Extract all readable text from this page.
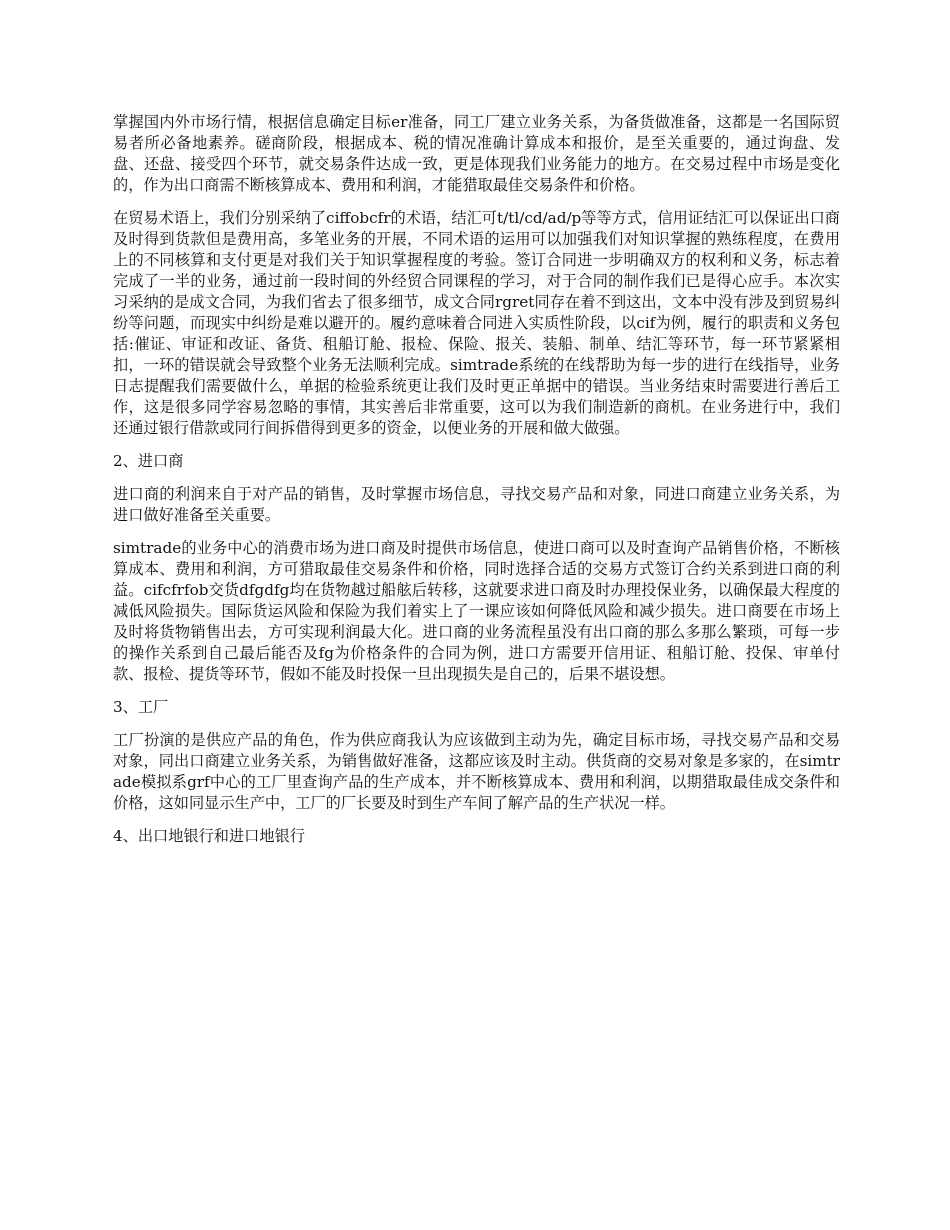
掌握国内外市场行情，根据信息确定目标er准备，同工厂建立业务关系，为备货做准备，这都是一名国际贸易者所必备地素养。磋商阶段，根据成本、税的情况准确计算成本和报价，是至关重要的，通过询盘、发盘、还盘、接受四个环节，就交易条件达成一致，更是体现我们业务能力的地方。在交易过程中市场是变化的，作为出口商需不断核算成本、费用和利润，才能猎取最佳交易条件和价格。

在贸易术语上，我们分别采纳了ciffobcfr的术语，结汇可t/tl/cd/ad/p等等方式，信用证结汇可以保证出口商及时得到货款但是费用高，多笔业务的开展，不同术语的运用可以加强我们对知识掌握的熟练程度，在费用上的不同核算和支付更是对我们关于知识掌握程度的考验。签订合同进一步明确双方的权利和义务，标志着完成了一半的业务，通过前一段时间的外经贸合同课程的学习，对于合同的制作我们已是得心应手。本次实习采纳的是成文合同，为我们省去了很多细节，成文合同rgret同存在着不到这出，文本中没有涉及到贸易纠纷等问题，而现实中纠纷是难以避开的。履约意味着合同进入实质性阶段，以cif为例，履行的职责和义务包括:催证、审证和改证、备货、租船订舱、报检、保险、报关、装船、制单、结汇等环节，每一环节紧紧相扣，一环的错误就会导致整个业务无法顺利完成。simtrade系统的在线帮助为每一步的进行在线指导，业务日志提醒我们需要做什么，单据的检验系统更让我们及时更正单据中的错误。当业务结束时需要进行善后工作，这是很多同学容易忽略的事情，其实善后非常重要，这可以为我们制造新的商机。在业务进行中，我们还通过银行借款或同行间拆借得到更多的资金，以便业务的开展和做大做强。

2、进口商

进口商的利润来自于对产品的销售，及时掌握市场信息，寻找交易产品和对象，同进口商建立业务关系，为进口做好准备至关重要。

simtrade的业务中心的消费市场为进口商及时提供市场信息，使进口商可以及时查询产品销售价格，不断核算成本、费用和利润，方可猎取最佳交易条件和价格，同时选择合适的交易方式签订合约关系到进口商的利益。cifcfrfob交货dfgdfg均在货物越过船舷后转移，这就要求进口商及时办理投保业务，以确保最大程度的减低风险损失。国际货运风险和保险为我们着实上了一课应该如何降低风险和减少损失。进口商要在市场上及时将货物销售出去，方可实现利润最大化。进口商的业务流程虽没有出口商的那么多那么繁琐，可每一步的操作关系到自己最后能否及fg为价格条件的合同为例，进口方需要开信用证、租船订舱、投保、审单付款、报检、提货等环节，假如不能及时投保一旦出现损失是自己的，后果不堪设想。

3、工厂

工厂扮演的是供应产品的角色，作为供应商我认为应该做到主动为先，确定目标市场，寻找交易产品和交易对象，同出口商建立业务关系，为销售做好准备，这都应该及时主动。供货商的交易对象是多家的，在simtrade模拟系grf中心的工厂里查询产品的生产成本，并不断核算成本、费用和利润，以期猎取最佳成交条件和价格，这如同显示生产中，工厂的厂长要及时到生产车间了解产品的生产状况一样。

4、出口地银行和进口地银行
